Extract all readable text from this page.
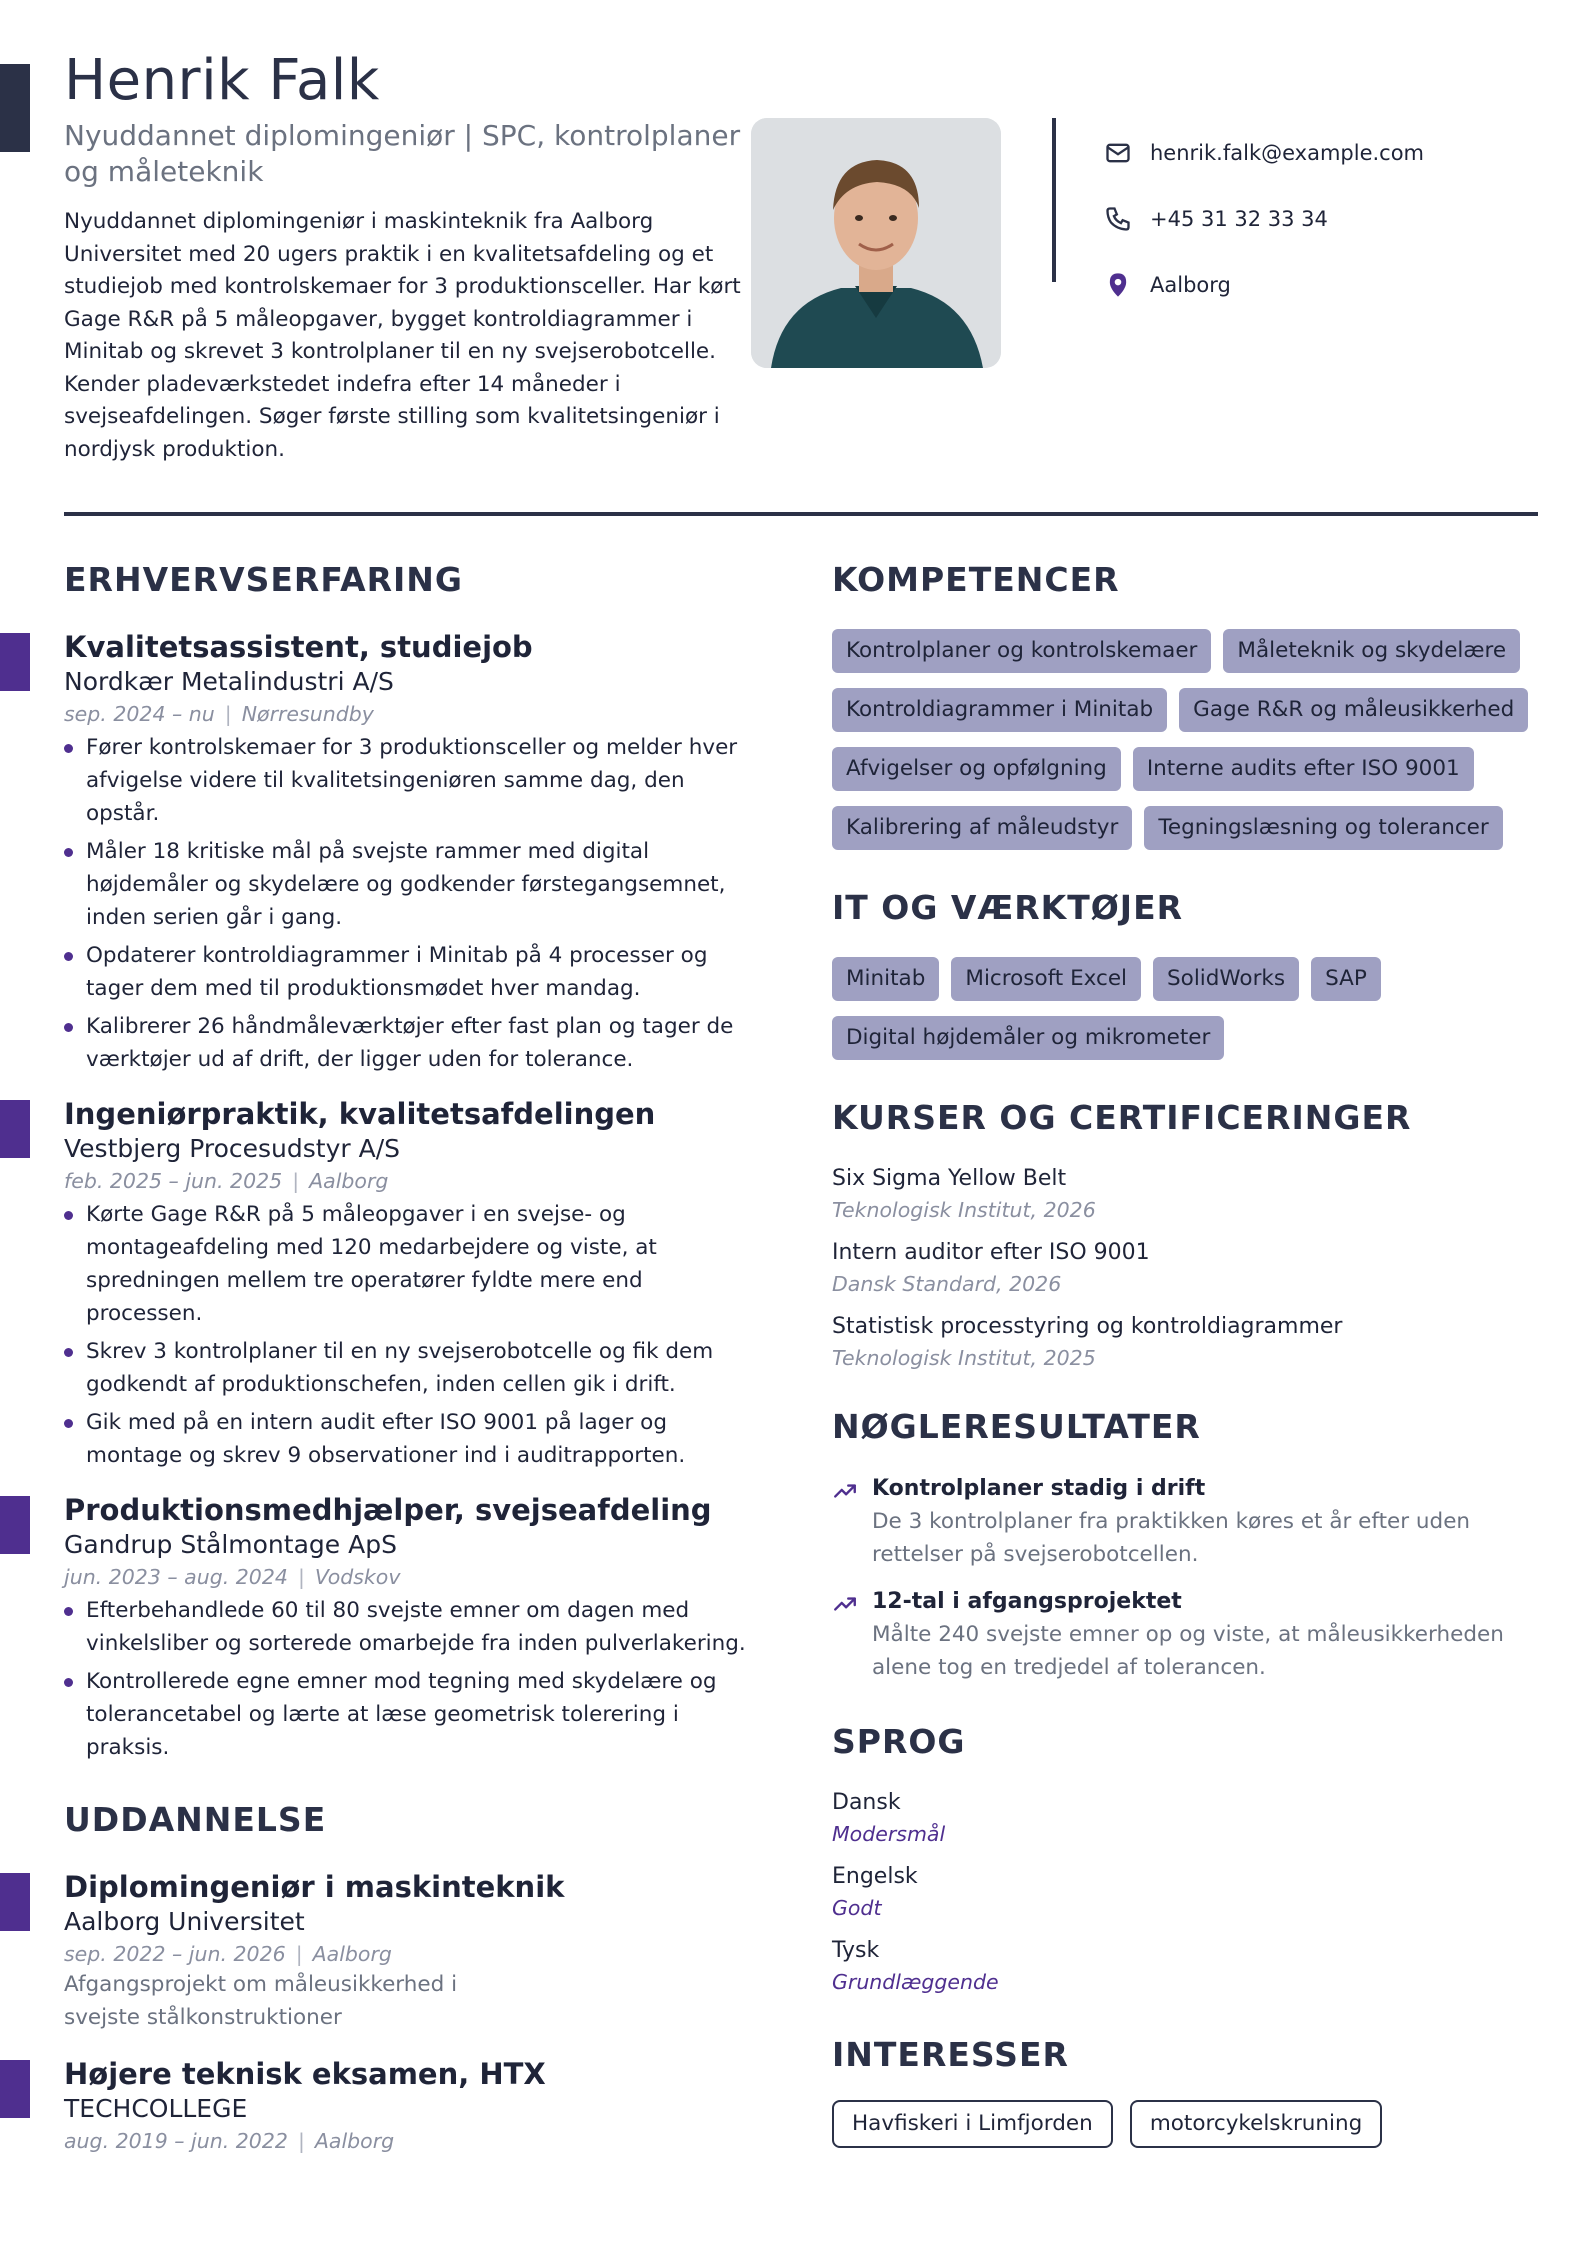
Henrik Falk
Nyuddannet diplomingeniør | SPC, kontrolplaner og måleteknik

Nyuddannet diplomingeniør i maskinteknik fra Aalborg Universitet med 20 ugers praktik i en kvalitetsafdeling og et studiejob med kontrolskemaer for 3 produktionsceller. Har kørt Gage R&R på 5 måleopgaver, bygget kontroldiagrammer i Minitab og skrevet 3 kontrolplaner til en ny svejserobotcelle. Kender pladeværkstedet indefra efter 14 måneder i svejseafdelingen. Søger første stilling som kvalitetsingeniør i nordjysk produktion.

henrik.falk@example.com
+45 31 32 33 34
Aalborg
ERHVERVSERFARING
Kvalitetsassistent, studiejob
Nordkær Metalindustri A/S
sep. 2024 – nu | Nørresundby
Fører kontrolskemaer for 3 produktionsceller og melder hver afvigelse videre til kvalitetsingeniøren samme dag, den opstår.
Måler 18 kritiske mål på svejste rammer med digital højdemåler og skydelære og godkender førstegangsemnet, inden serien går i gang.
Opdaterer kontroldiagrammer i Minitab på 4 processer og tager dem med til produktionsmødet hver mandag.
Kalibrerer 26 håndmåleværktøjer efter fast plan og tager de værktøjer ud af drift, der ligger uden for tolerance.
Ingeniørpraktik, kvalitetsafdelingen
Vestbjerg Procesudstyr A/S
feb. 2025 – jun. 2025 | Aalborg
Kørte Gage R&R på 5 måleopgaver i en svejse- og montageafdeling med 120 medarbejdere og viste, at spredningen mellem tre operatører fyldte mere end processen.
Skrev 3 kontrolplaner til en ny svejserobotcelle og fik dem godkendt af produktionschefen, inden cellen gik i drift.
Gik med på en intern audit efter ISO 9001 på lager og montage og skrev 9 observationer ind i auditrapporten.
Produktionsmedhjælper, svejseafdeling
Gandrup Stålmontage ApS
jun. 2023 – aug. 2024 | Vodskov
Efterbehandlede 60 til 80 svejste emner om dagen med vinkelsliber og sorterede omarbejde fra inden pulverlakering.
Kontrollerede egne emner mod tegning med skydelære og tolerancetabel og lærte at læse geometrisk tolerering i praksis.
UDDANNELSE
Diplomingeniør i maskinteknik
Aalborg Universitet
sep. 2022 – jun. 2026 | Aalborg
Afgangsprojekt om måleusikkerhed i svejste stålkonstruktioner
Højere teknisk eksamen, HTX
TECHCOLLEGE
aug. 2019 – jun. 2022 | Aalborg
KOMPETENCER
Kontrolplaner og kontrolskemaer	Måleteknik og skydelære
Kontroldiagrammer i Minitab	Gage R&R og måleusikkerhed
Afvigelser og opfølgning	Interne audits efter ISO 9001
Kalibrering af måleudstyr	Tegningslæsning og tolerancer
IT OG VÆRKTØJER
Minitab	Microsoft Excel	SolidWorks	SAP
Digital højdemåler og mikrometer
KURSER OG CERTIFICERINGER
Six Sigma Yellow Belt
Teknologisk Institut, 2026
Intern auditor efter ISO 9001
Dansk Standard, 2026
Statistisk processtyring og kontroldiagrammer
Teknologisk Institut, 2025
NØGLERESULTATER
Kontrolplaner stadig i drift
De 3 kontrolplaner fra praktikken køres et år efter uden rettelser på svejserobotcellen.
12-tal i afgangsprojektet
Målte 240 svejste emner op og viste, at måleusikkerheden alene tog en tredjedel af tolerancen.
SPROG
Dansk
Modersmål
Engelsk
Godt
Tysk
Grundlæggende
INTERESSER
Havfiskeri i Limfjorden	motorcykelskruning
